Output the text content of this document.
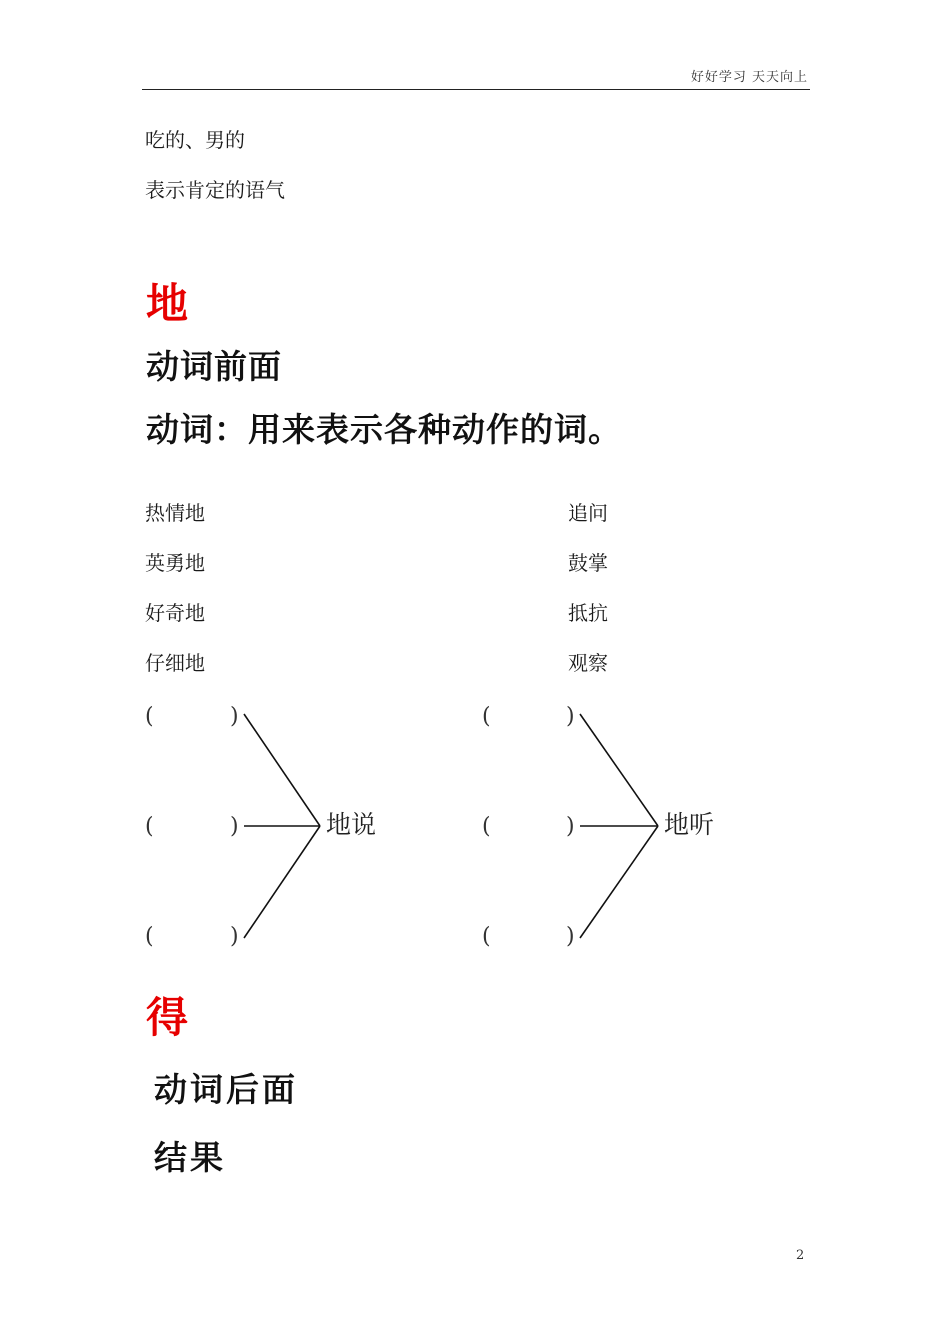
好好学习 天天向上
吃的、男的
表示肯定的语气
地
动词前面
动词：用来表示各种动作的词。
热情地
英勇地
好奇地
仔细地
追问
鼓掌
抵抗
观察
(	)
(	)
(	)
地说
(	)
(	)
(	)
地听
得
动词后面
结果
2
